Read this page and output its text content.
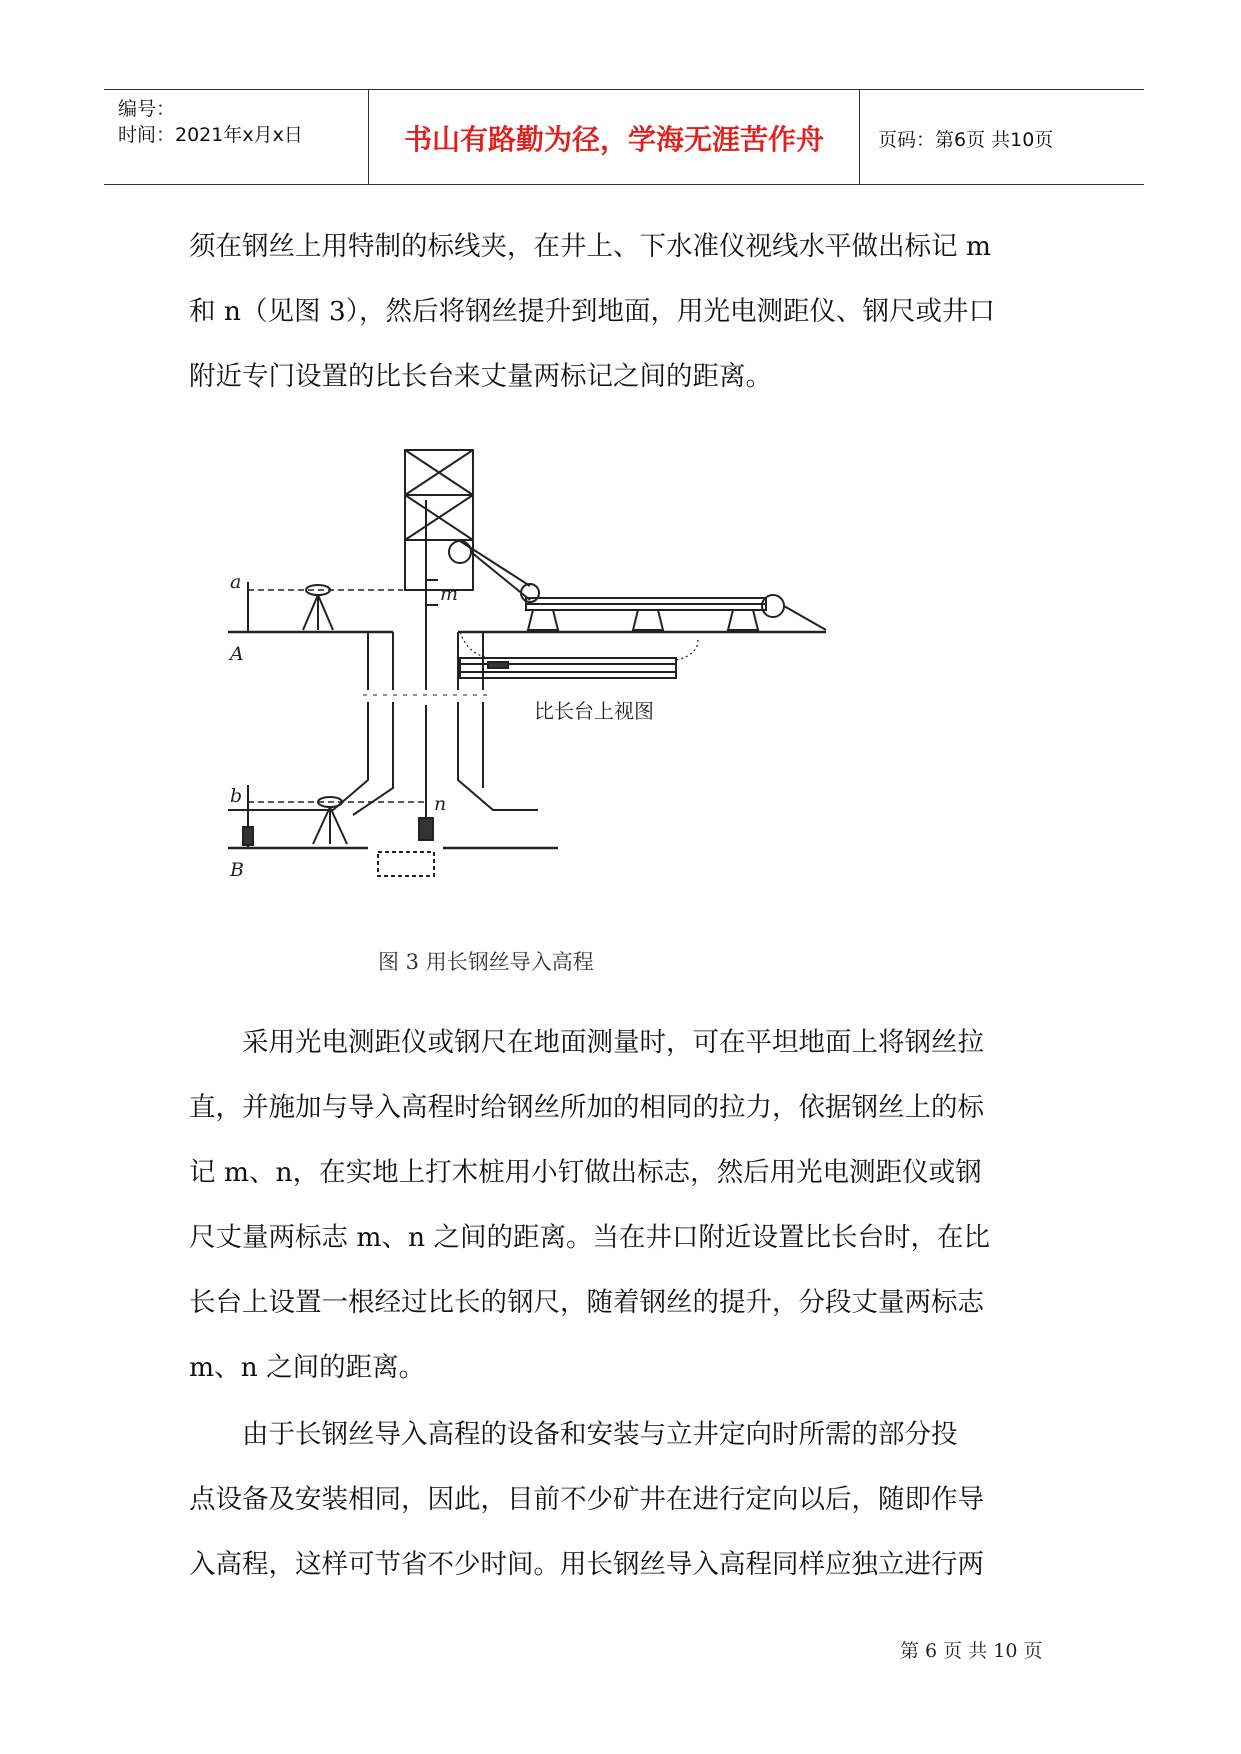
编号：
时间：2021年x月x日	书山有路勤为径，学海无涯苦作舟	页码：第6页 共10页
须在钢丝上用特制的标线夹，在井上、下水准仪视线水平做出标记 m
和 n（见图 3），然后将钢丝提升到地面，用光电测距仪、钢尺或井口
附近专门设置的比长台来丈量两标记之间的距离。
a
A
m
b
B
n
比长台上视图
图 3 用长钢丝导入高程
采用光电测距仪或钢尺在地面测量时，可在平坦地面上将钢丝拉
直，并施加与导入高程时给钢丝所加的相同的拉力，依据钢丝上的标
记 m、n，在实地上打木桩用小钉做出标志，然后用光电测距仪或钢
尺丈量两标志 m、n 之间的距离。当在井口附近设置比长台时，在比
长台上设置一根经过比长的钢尺，随着钢丝的提升，分段丈量两标志
m、n 之间的距离。
由于长钢丝导入高程的设备和安装与立井定向时所需的部分投
点设备及安装相同，因此，目前不少矿井在进行定向以后，随即作导
入高程，这样可节省不少时间。用长钢丝导入高程同样应独立进行两
第 6 页 共 10 页
